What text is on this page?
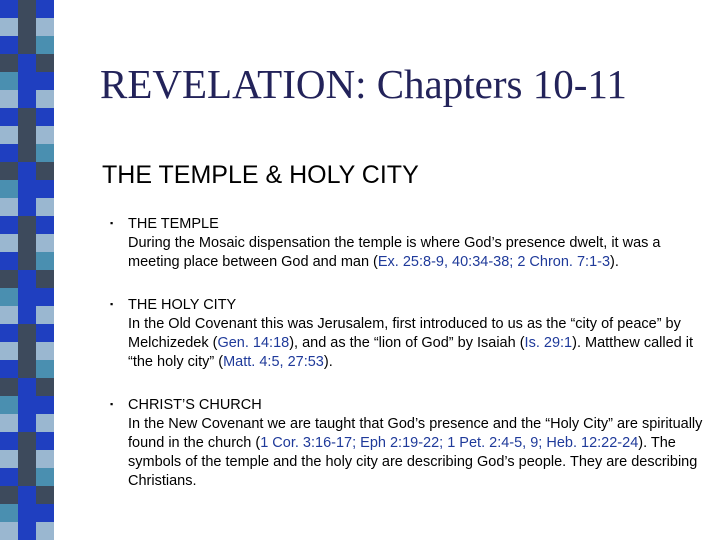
REVELATION: Chapters 10-11
THE TEMPLE & HOLY CITY
▪ THE TEMPLE
During the Mosaic dispensation the temple is where God’s presence dwelt, it was a meeting place between God and man (Ex. 25:8-9, 40:34-38; 2 Chron. 7:1-3).
▪ THE HOLY CITY
In the Old Covenant this was Jerusalem, first introduced to us as the “city of peace” by Melchizedek (Gen. 14:18), and as the “lion of God” by Isaiah (Is. 29:1). Matthew called it “the holy city” (Matt. 4:5, 27:53).
▪ CHRIST’S CHURCH
In the New Covenant we are taught that God’s presence and the “Holy City” are spiritually found in the church (1 Cor. 3:16-17; Eph 2:19-22; 1 Pet. 2:4-5, 9; Heb. 12:22-24). The symbols of the temple and the holy city are describing God’s people. They are describing Christians.
